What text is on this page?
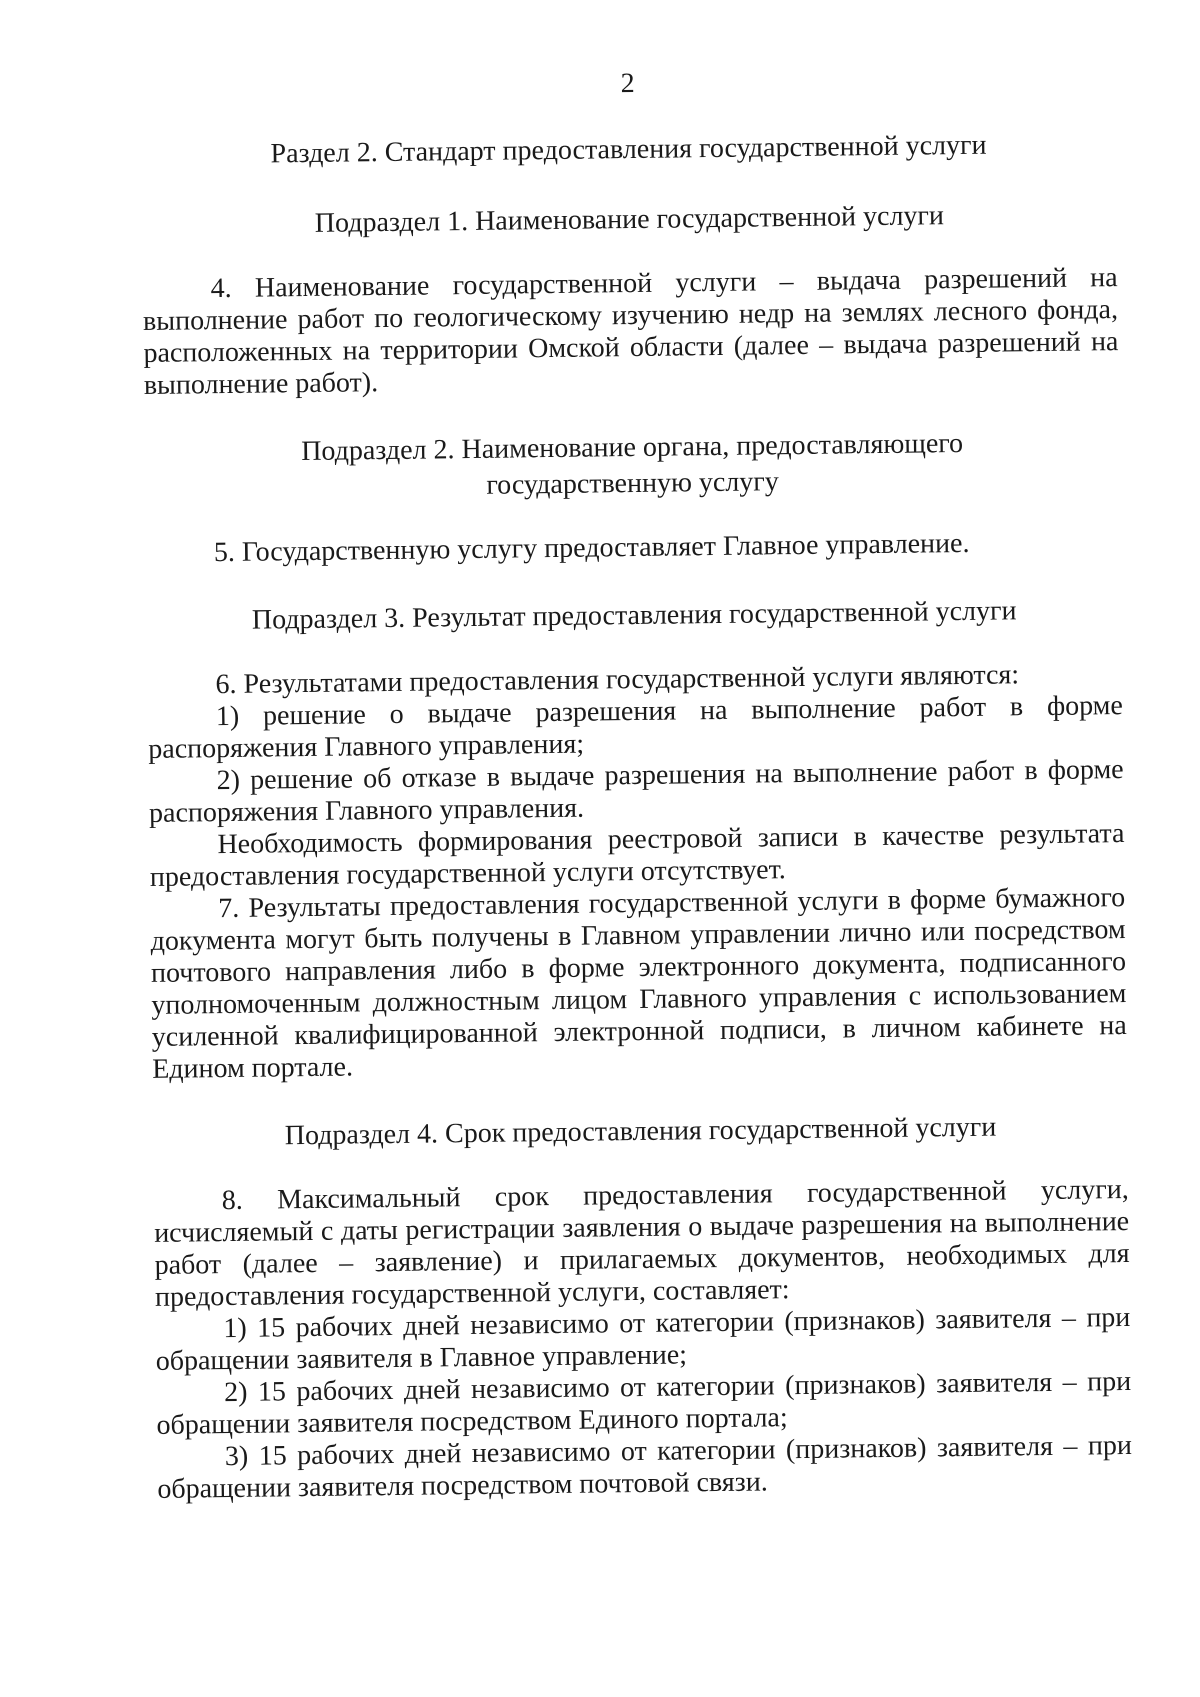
2
Раздел 2. Стандарт предоставления государственной услуги
Подраздел 1. Наименование государственной услуги

4. Наименование государственной услуги – выдача разрешений на выполнение работ по геологическому изучению недр на землях лесного фонда, расположенных на территории Омской области (далее – выдача разрешений на выполнение работ).

Подраздел 2. Наименование органа, предоставляющего
государственную услугу

5. Государственную услугу предоставляет Главное управление.

Подраздел 3. Результат предоставления государственной услуги

6. Результатами предоставления государственной услуги являются:

1) решение о выдаче разрешения на выполнение работ в форме распоряжения Главного управления;

2) решение об отказе в выдаче разрешения на выполнение работ в форме распоряжения Главного управления.

Необходимость формирования реестровой записи в качестве результата предоставления государственной услуги отсутствует.

7. Результаты предоставления государственной услуги в форме бумажного документа могут быть получены в Главном управлении лично или посредством почтового направления либо в форме электронного документа, подписанного уполномоченным должностным лицом Главного управления с использованием усиленной квалифицированной электронной подписи, в личном кабинете на Едином портале.

Подраздел 4. Срок предоставления государственной услуги

8. Максимальный срок предоставления государственной услуги, исчисляемый с даты регистрации заявления о выдаче разрешения на выполнение работ (далее – заявление) и прилагаемых документов, необходимых для предоставления государственной услуги, составляет:

1) 15 рабочих дней независимо от категории (признаков) заявителя – при обращении заявителя в Главное управление;

2) 15 рабочих дней независимо от категории (признаков) заявителя – при обращении заявителя посредством Единого портала;

3) 15 рабочих дней независимо от категории (признаков) заявителя – при обращении заявителя посредством почтовой связи.
